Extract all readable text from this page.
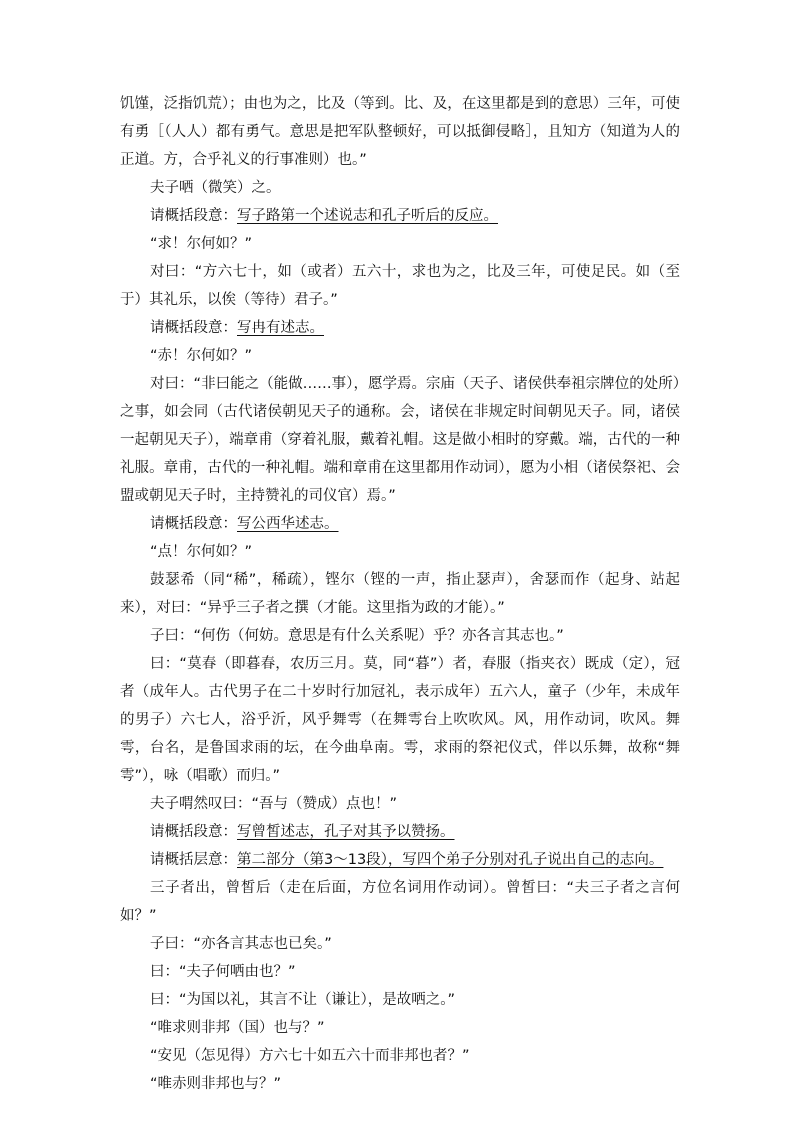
饥馑，泛指饥荒）；由也为之，比及（等到。比、及，在这里都是到的意思）三年，可使有勇［（人人）都有勇气。意思是把军队整顿好，可以抵御侵略］，且知方（知道为人的正道。方，合乎礼义的行事准则）也。”

夫子哂（微笑）之。

请概括段意：写子路第一个述说志和孔子听后的反应。

“求！尔何如？”

对曰：“方六七十，如（或者）五六十，求也为之，比及三年，可使足民。如（至于）其礼乐，以俟（等待）君子。”

请概括段意：写冉有述志。

“赤！尔何如？”

对曰：“非曰能之（能做……事），愿学焉。宗庙（天子、诸侯供奉祖宗牌位的处所）之事，如会同（古代诸侯朝见天子的通称。会，诸侯在非规定时间朝见天子。同，诸侯一起朝见天子），端章甫（穿着礼服，戴着礼帽。这是做小相时的穿戴。端，古代的一种礼服。章甫，古代的一种礼帽。端和章甫在这里都用作动词），愿为小相（诸侯祭祀、会盟或朝见天子时，主持赞礼的司仪官）焉。”

请概括段意：写公西华述志。

“点！尔何如？”

鼓瑟希（同“稀”，稀疏），铿尔（铿的一声，指止瑟声），舍瑟而作（起身、站起来），对曰：“异乎三子者之撰（才能。这里指为政的才能）。”

子曰：“何伤（何妨。意思是有什么关系呢）乎？亦各言其志也。”

曰：“莫春（即暮春，农历三月。莫，同“暮”）者，春服（指夹衣）既成（定），冠者（成年人。古代男子在二十岁时行加冠礼，表示成年）五六人，童子（少年，未成年的男子）六七人，浴乎沂，风乎舞雩（在舞雩台上吹吹风。风，用作动词，吹风。舞雩，台名，是鲁国求雨的坛，在今曲阜南。雩，求雨的祭祀仪式，伴以乐舞，故称“舞雩”），咏（唱歌）而归。”

夫子喟然叹曰：“吾与（赞成）点也！”

请概括段意：写曾皙述志，孔子对其予以赞扬。

请概括层意：第二部分（第3～13段），写四个弟子分别对孔子说出自己的志向。

三子者出，曾皙后（走在后面，方位名词用作动词）。曾皙曰：“夫三子者之言何如？”

子曰：“亦各言其志也已矣。”

曰：“夫子何哂由也？”

曰：“为国以礼，其言不让（谦让），是故哂之。”

“唯求则非邦（国）也与？”

“安见（怎见得）方六七十如五六十而非邦也者？”

“唯赤则非邦也与？”
